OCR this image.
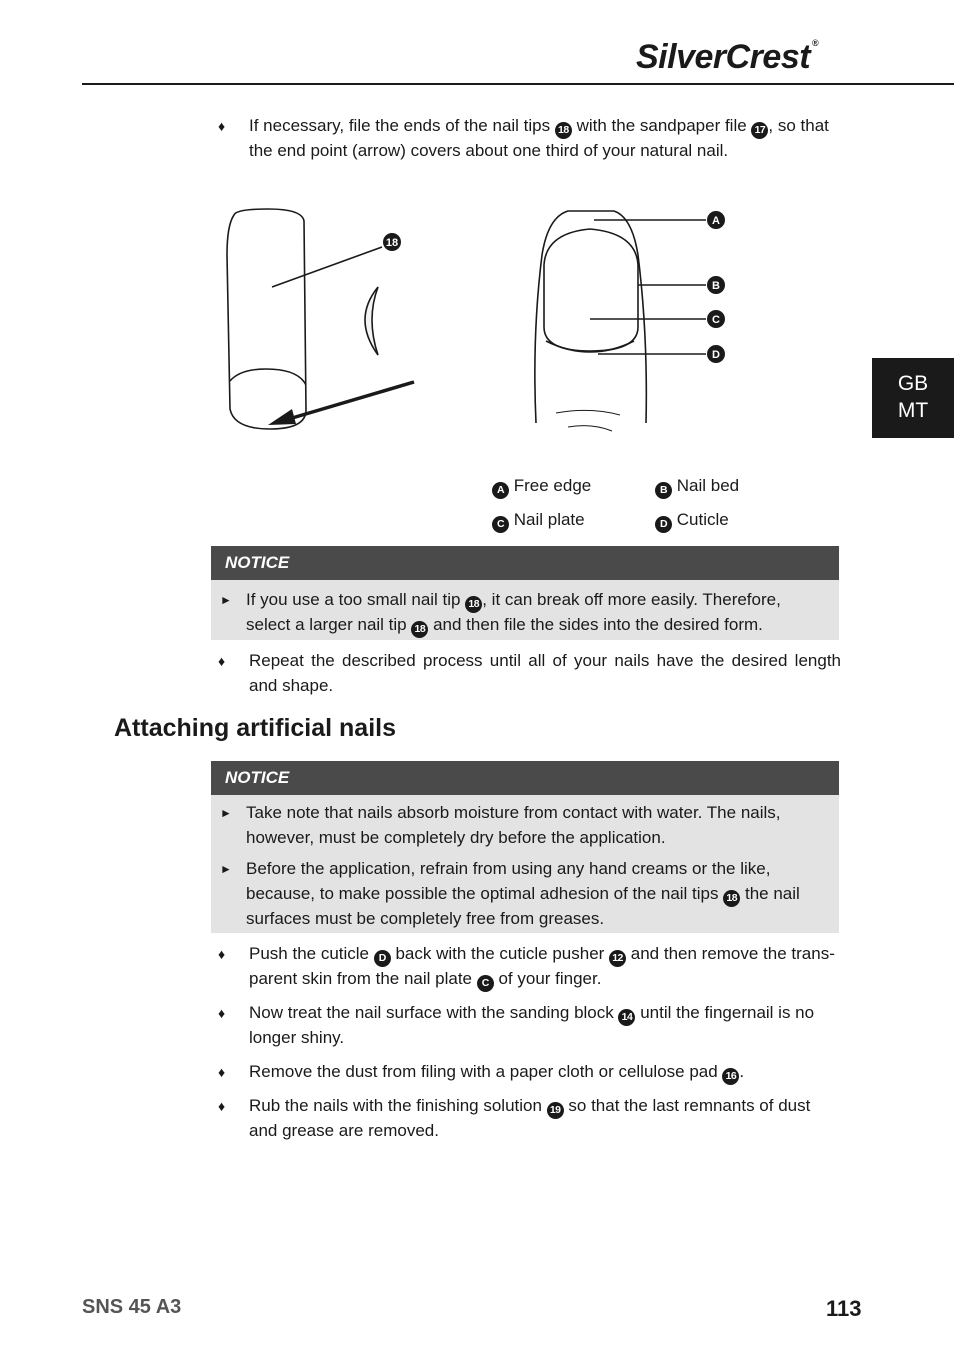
SilverCrest ®
GB
MT
♦ If necessary, file the ends of the nail tips 18 with the sandpaper file 17 , so that the end point (arrow) covers about one third of your natural nail.
18
A
B
C
D
A Free edge	B Nail bed
C Nail plate	D Cuticle
NOTICE
► If you use a too small nail tip 18 , it can break off more easily. Therefore, select a larger nail tip 18 and then file the sides into the desired form.
♦ Repeat the described process until all of your nails have the desired length and shape.
Attaching artificial nails
NOTICE
► Take note that nails absorb moisture from contact with water. The nails, however, must be completely dry before the application.
► Before the application, refrain from using any hand creams or the like, because, to make possible the optimal adhesion of the nail tips 18 the nail surfaces must be completely free from greases.
♦ Push the cuticle D back with the cuticle pusher 12 and then remove the trans-parent skin from the nail plate C of your finger.
♦ Now treat the nail surface with the sanding block 14 until the fingernail is no longer shiny.
♦ Remove the dust from filing with a paper cloth or cellulose pad 16 .
♦ Rub the nails with the finishing solution 19 so that the last remnants of dust and grease are removed.
SNS 45 A3	113
